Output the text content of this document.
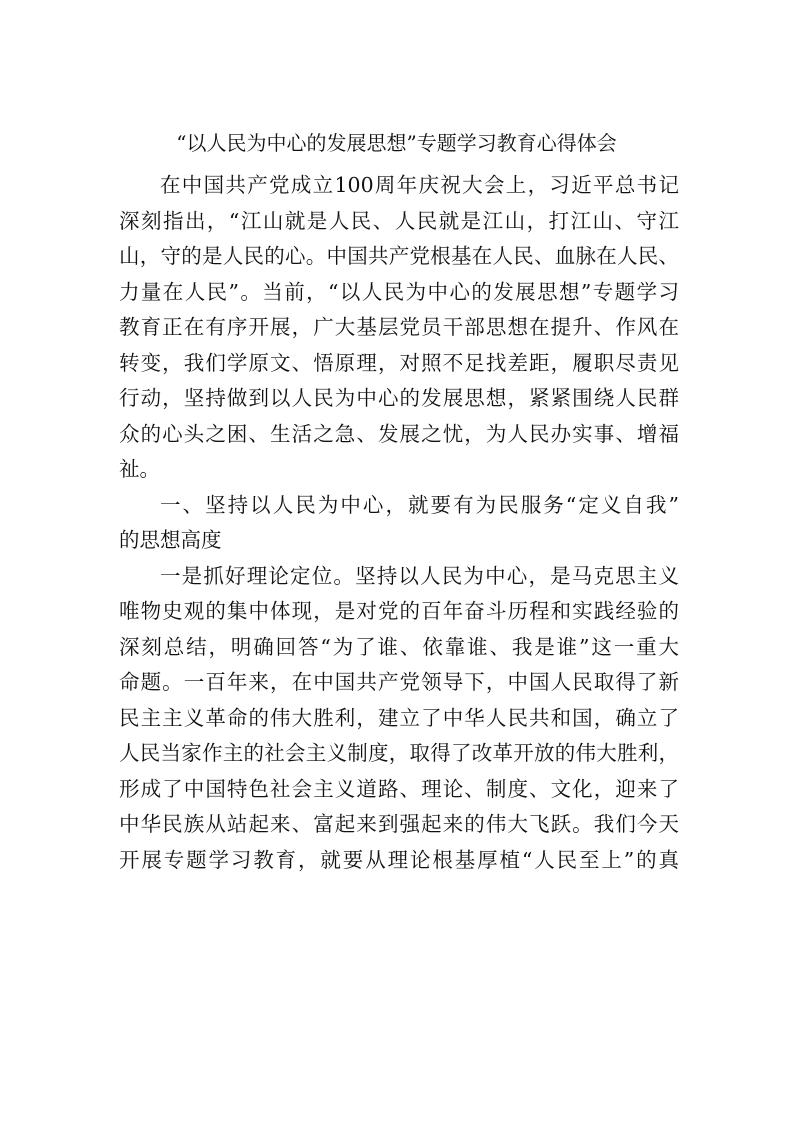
“以人民为中心的发展思想”专题学习教育心得体会
在中国共产党成立100周年庆祝大会上，习近平总书记
深刻指出，“江山就是人民、人民就是江山，打江山、守江
山，守的是人民的心。中国共产党根基在人民、血脉在人民、
力量在人民”。当前，“以人民为中心的发展思想”专题学习
教育正在有序开展，广大基层党员干部思想在提升、作风在
转变，我们学原文、悟原理，对照不足找差距，履职尽责见
行动，坚持做到以人民为中心的发展思想，紧紧围绕人民群
众的心头之困、生活之急、发展之忧，为人民办实事、增福
祉。
一、坚持以人民为中心，就要有为民服务“定义自我”
的思想高度
一是抓好理论定位。坚持以人民为中心，是马克思主义
唯物史观的集中体现，是对党的百年奋斗历程和实践经验的
深刻总结，明确回答“为了谁、依靠谁、我是谁”这一重大
命题。一百年来，在中国共产党领导下，中国人民取得了新
民主主义革命的伟大胜利，建立了中华人民共和国，确立了
人民当家作主的社会主义制度，取得了改革开放的伟大胜利，
形成了中国特色社会主义道路、理论、制度、文化，迎来了
中华民族从站起来、富起来到强起来的伟大飞跃。我们今天
开展专题学习教育，就要从理论根基厚植“人民至上”的真
